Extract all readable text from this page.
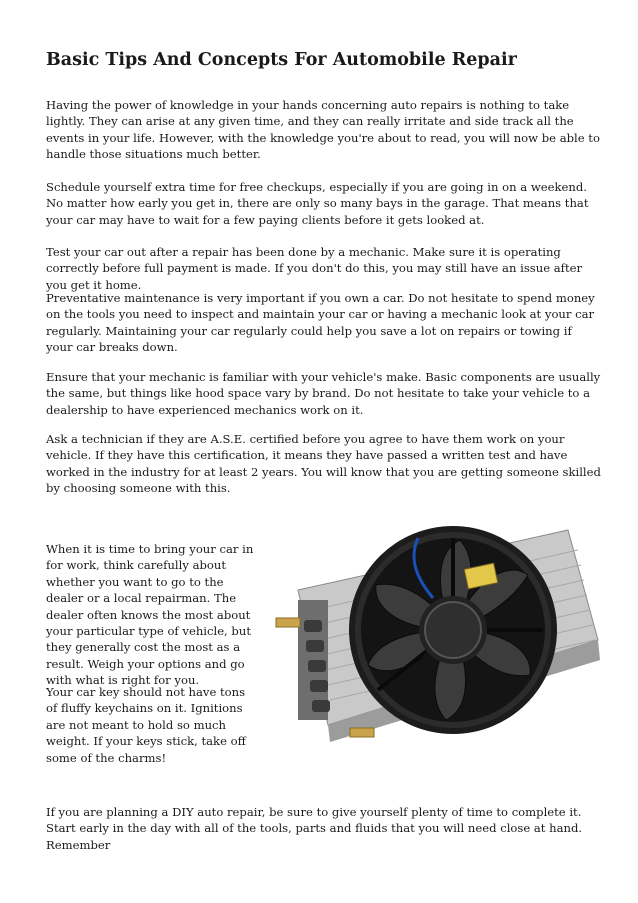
Basic Tips And Concepts For Automobile Repair

Having the power of knowledge in your hands concerning auto repairs is nothing to take lightly. They can arise at any given time, and they can really irritate and side track all the events in your life. However, with the knowledge you're about to read, you will now be able to handle those situations much better.

Schedule yourself extra time for free checkups, especially if you are going in on a weekend. No matter how early you get in, there are only so many bays in the garage. That means that your car may have to wait for a few paying clients before it gets looked at.

Test your car out after a repair has been done by a mechanic. Make sure it is operating correctly before full payment is made. If you don't do this, you may still have an issue after you get it home.

Preventative maintenance is very important if you own a car. Do not hesitate to spend money on the tools you need to inspect and maintain your car or having a mechanic look at your car regularly. Maintaining your car regularly could help you save a lot on repairs or towing if your car breaks down.

Ensure that your mechanic is familiar with your vehicle's make. Basic components are usually the same, but things like hood space vary by brand. Do not hesitate to take your vehicle to a dealership to have experienced mechanics work on it.

Ask a technician if they are A.S.E. certified before you agree to have them work on your vehicle. If they have this certification, it means they have passed a written test and have worked in the industry for at least 2 years. You will know that you are getting someone skilled by choosing someone with this.

When it is time to bring your car in for work, think carefully about whether you want to go to the dealer or a local repairman. The dealer often knows the most about your particular type of vehicle, but they generally cost the most as a result. Weigh your options and go with what is right for you.

Your car key should not have tons of fluffy keychains on it. Ignitions are not meant to hold so much weight. If your keys stick, take off some of the charms!

If you are planning a DIY auto repair, be sure to give yourself plenty of time to complete it. Start early in the day with all of the tools, parts and fluids that you will need close at hand. Remember
